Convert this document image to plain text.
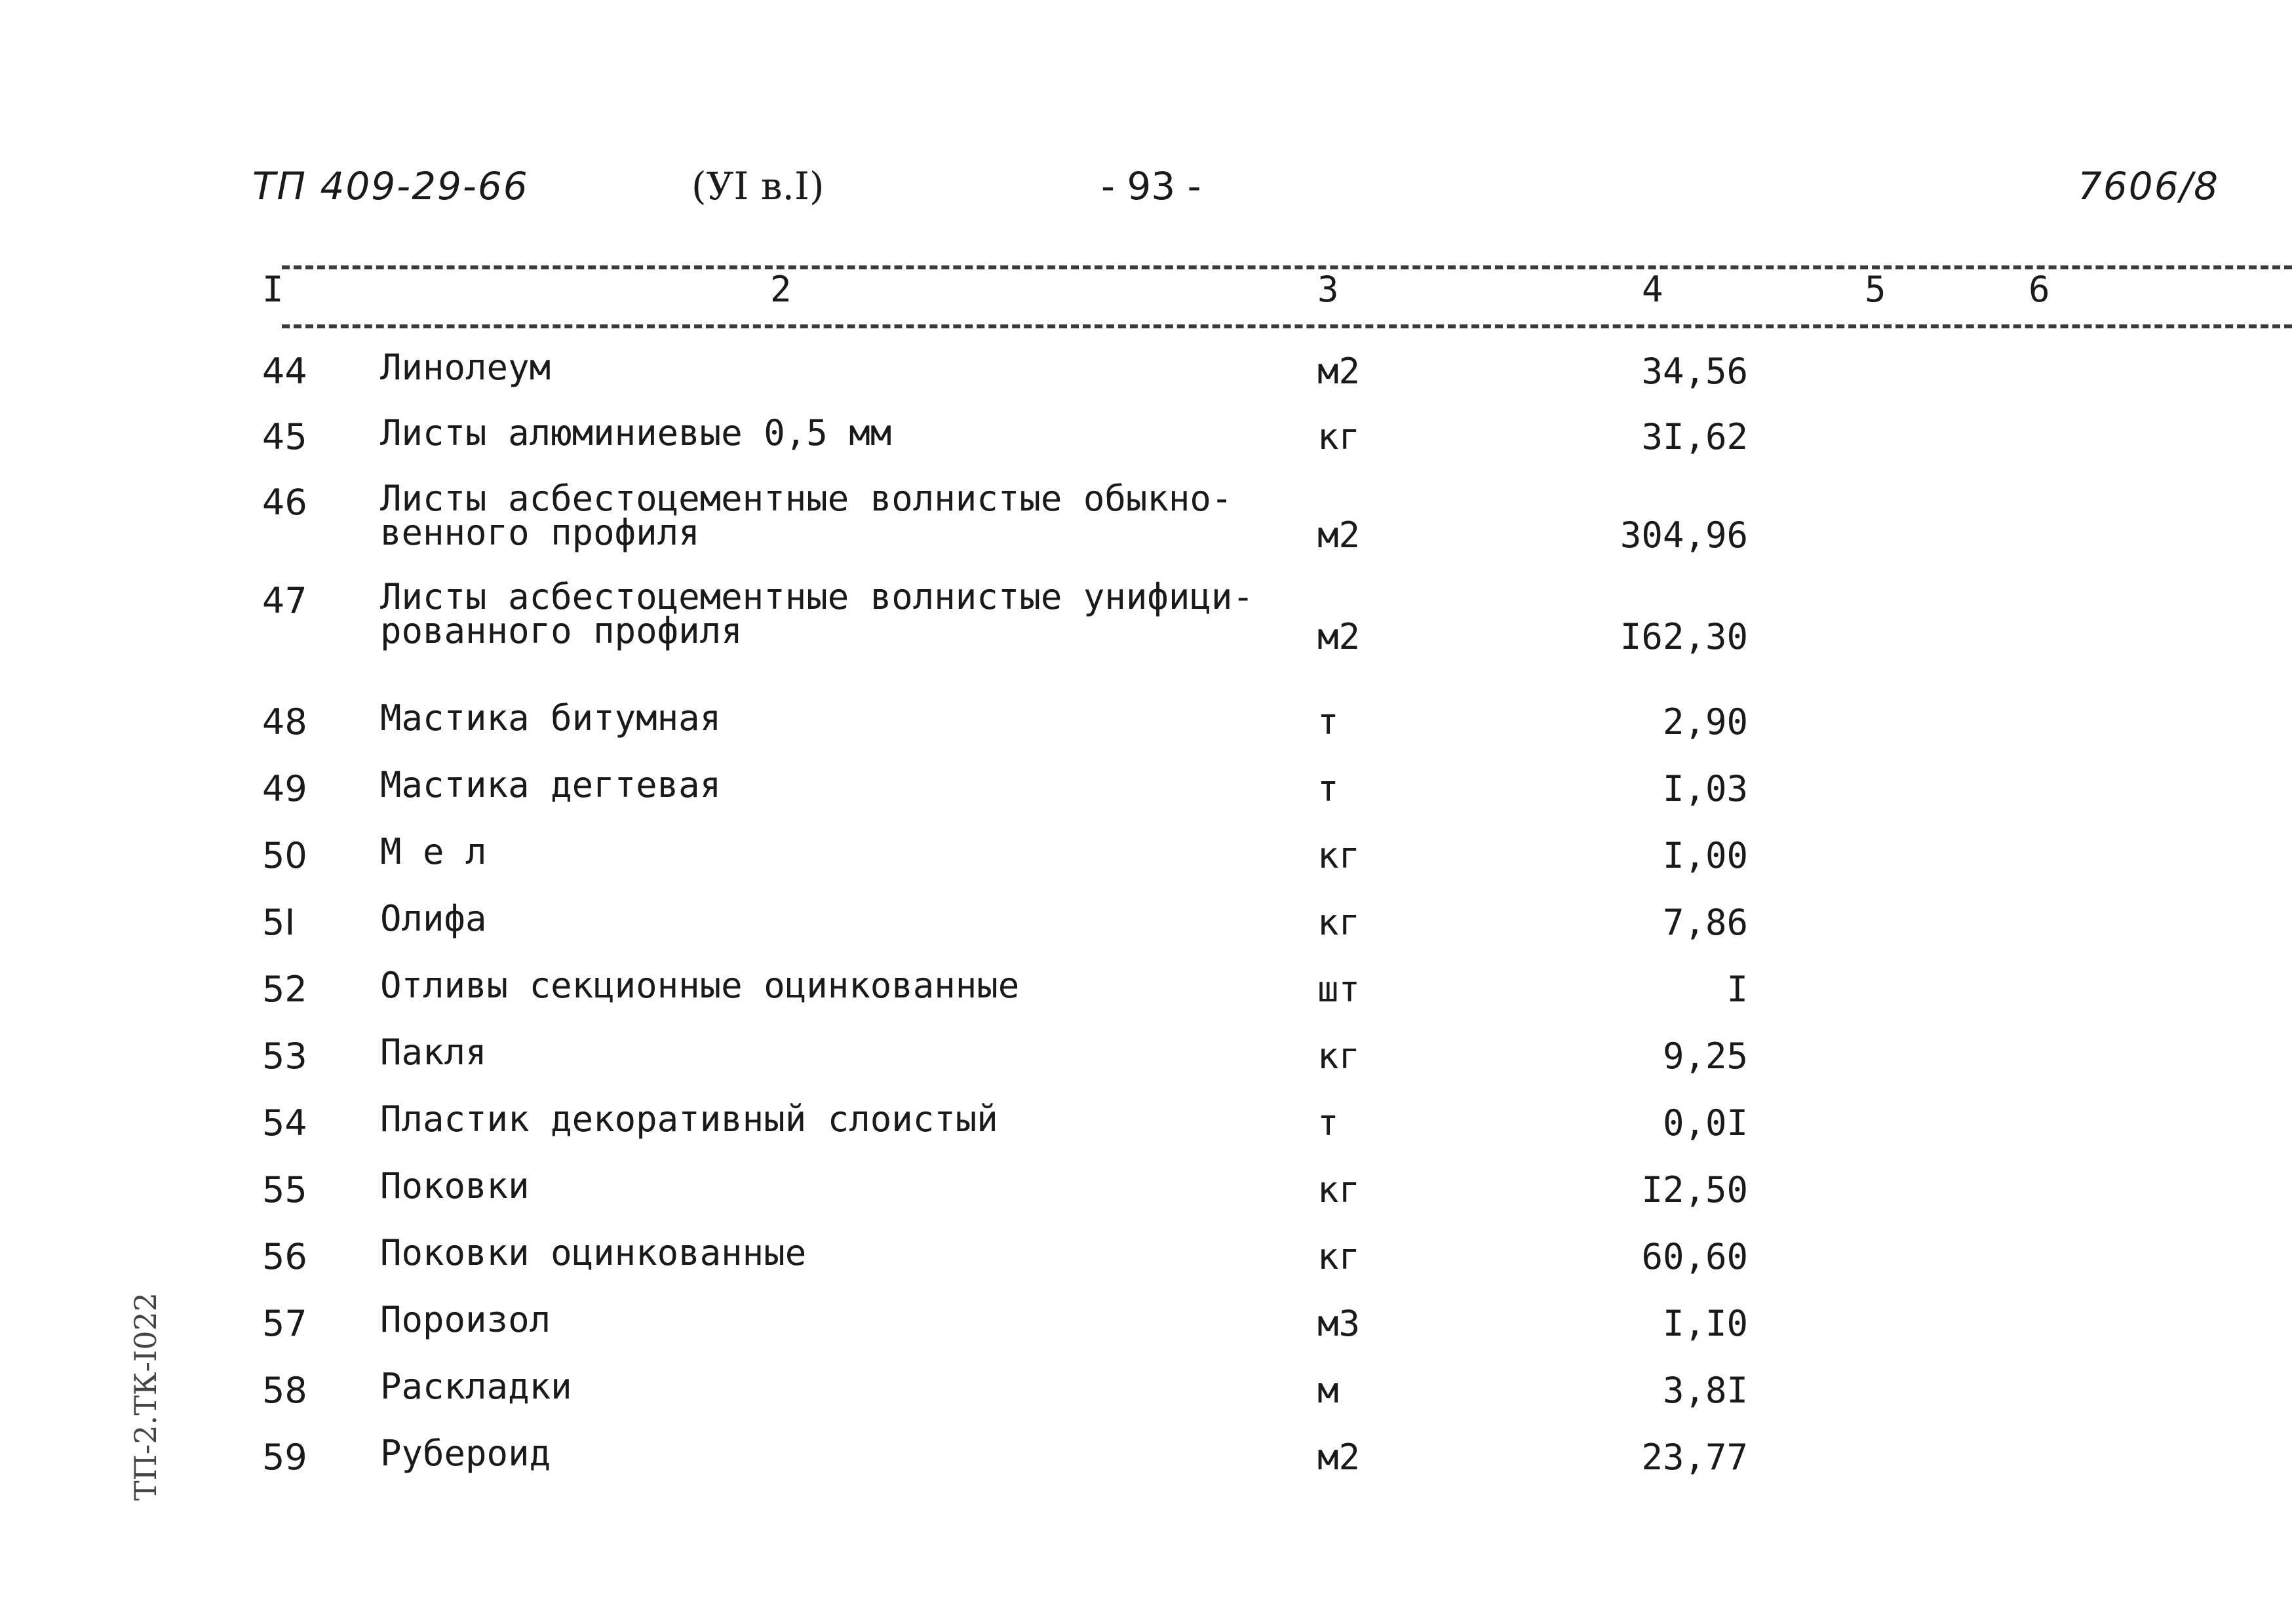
ТП 409-29-66	(УI в.I)	- 93 -	7606/8
I	2	3	4	5	6
44 Линолеум	м2	34,56
45 Листы алюминиевые 0,5 мм	кг	3I,62
46 Листы асбестоцементные волнистые обыкно- венного профиля	м2	304,96
47 Листы асбестоцементные волнистые унифици- рованного профиля	м2	I62,30
48 Мастика битумная	т	2,90
49 Мастика дегтевая	т	I,03
50 М е л	кг	I,00
5I Олифа	кг	7,86
52 Отливы секционные оцинкованные	шт	I
53 Пакля	кг	9,25
54 Пластик декоративный слоистый	т	0,0I
55 Поковки	кг	I2,50
56 Поковки оцинкованные	кг	60,60
57 Пороизол	м3	I,I0
58 Раскладки	м	3,8I
59 Рубероид	м2	23,77
ТП-2.ТК-I022
